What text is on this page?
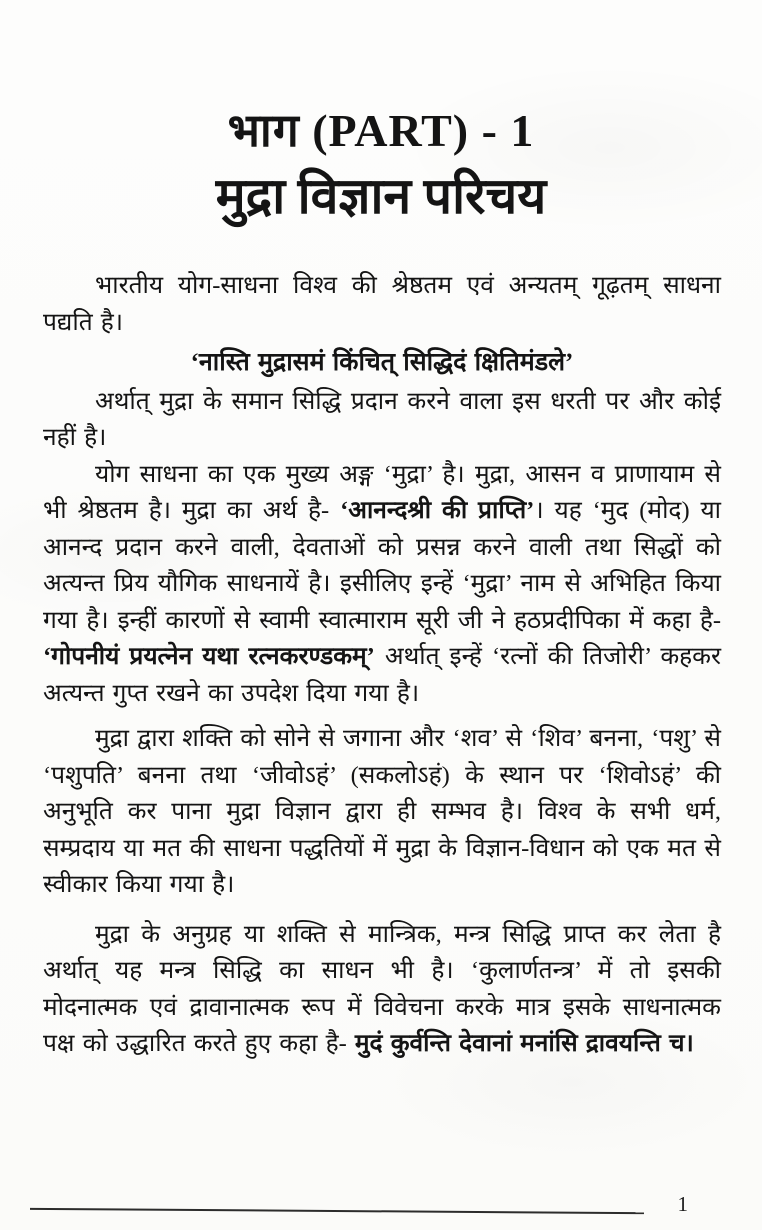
भाग (PART) - 1
मुद्रा विज्ञान परिचय

भारतीय योग-साधना विश्व की श्रेष्ठतम एवं अन्यतम् गूढ़तम् साधना पद्यति है।

‘नास्ति मुद्रासमं किंचित् सिद्धिदं क्षितिमंडले’

अर्थात् मुद्रा के समान सिद्धि प्रदान करने वाला इस धरती पर और कोई नहीं है।

योग साधना का एक मुख्य अङ्ग ‘मुद्रा’ है। मुद्रा, आसन व प्राणायाम से भी श्रेष्ठतम है। मुद्रा का अर्थ है- ‘आनन्दश्री की प्राप्ति’। यह ‘मुद (मोद) या आनन्द प्रदान करने वाली, देवताओं को प्रसन्न करने वाली तथा सिद्धों को अत्यन्त प्रिय यौगिक साधनायें है। इसीलिए इन्हें ‘मुद्रा’ नाम से अभिहित किया गया है। इन्हीं कारणों से स्वामी स्वात्माराम सूरी जी ने हठप्रदीपिका में कहा है- ‘गोपनीयं प्रयत्नेन यथा रत्नकरण्डकम्’ अर्थात् इन्हें ‘रत्नों की तिजोरी’ कहकर अत्यन्त गुप्त रखने का उपदेश दिया गया है।

मुद्रा द्वारा शक्ति को सोने से जगाना और ‘शव’ से ‘शिव’ बनना, ‘पशु’ से ‘पशुपति’ बनना तथा ‘जीवोऽहं’ (सकलोऽहं) के स्थान पर ‘शिवोऽहं’ की अनुभूति कर पाना मुद्रा विज्ञान द्वारा ही सम्भव है। विश्व के सभी धर्म, सम्प्रदाय या मत की साधना पद्धतियों में मुद्रा के विज्ञान-विधान को एक मत से स्वीकार किया गया है।

मुद्रा के अनुग्रह या शक्ति से मान्त्रिक, मन्त्र सिद्धि प्राप्त कर लेता है अर्थात् यह मन्त्र सिद्धि का साधन भी है। ‘कुलार्णतन्त्र’ में तो इसकी मोदनात्मक एवं द्रावानात्मक रूप में विवेचना करके मात्र इसके साधनात्मक पक्ष को उद्धारित करते हुए कहा है- मुदं कुर्वन्ति देवानां मनांसि द्रावयन्ति च।

1
